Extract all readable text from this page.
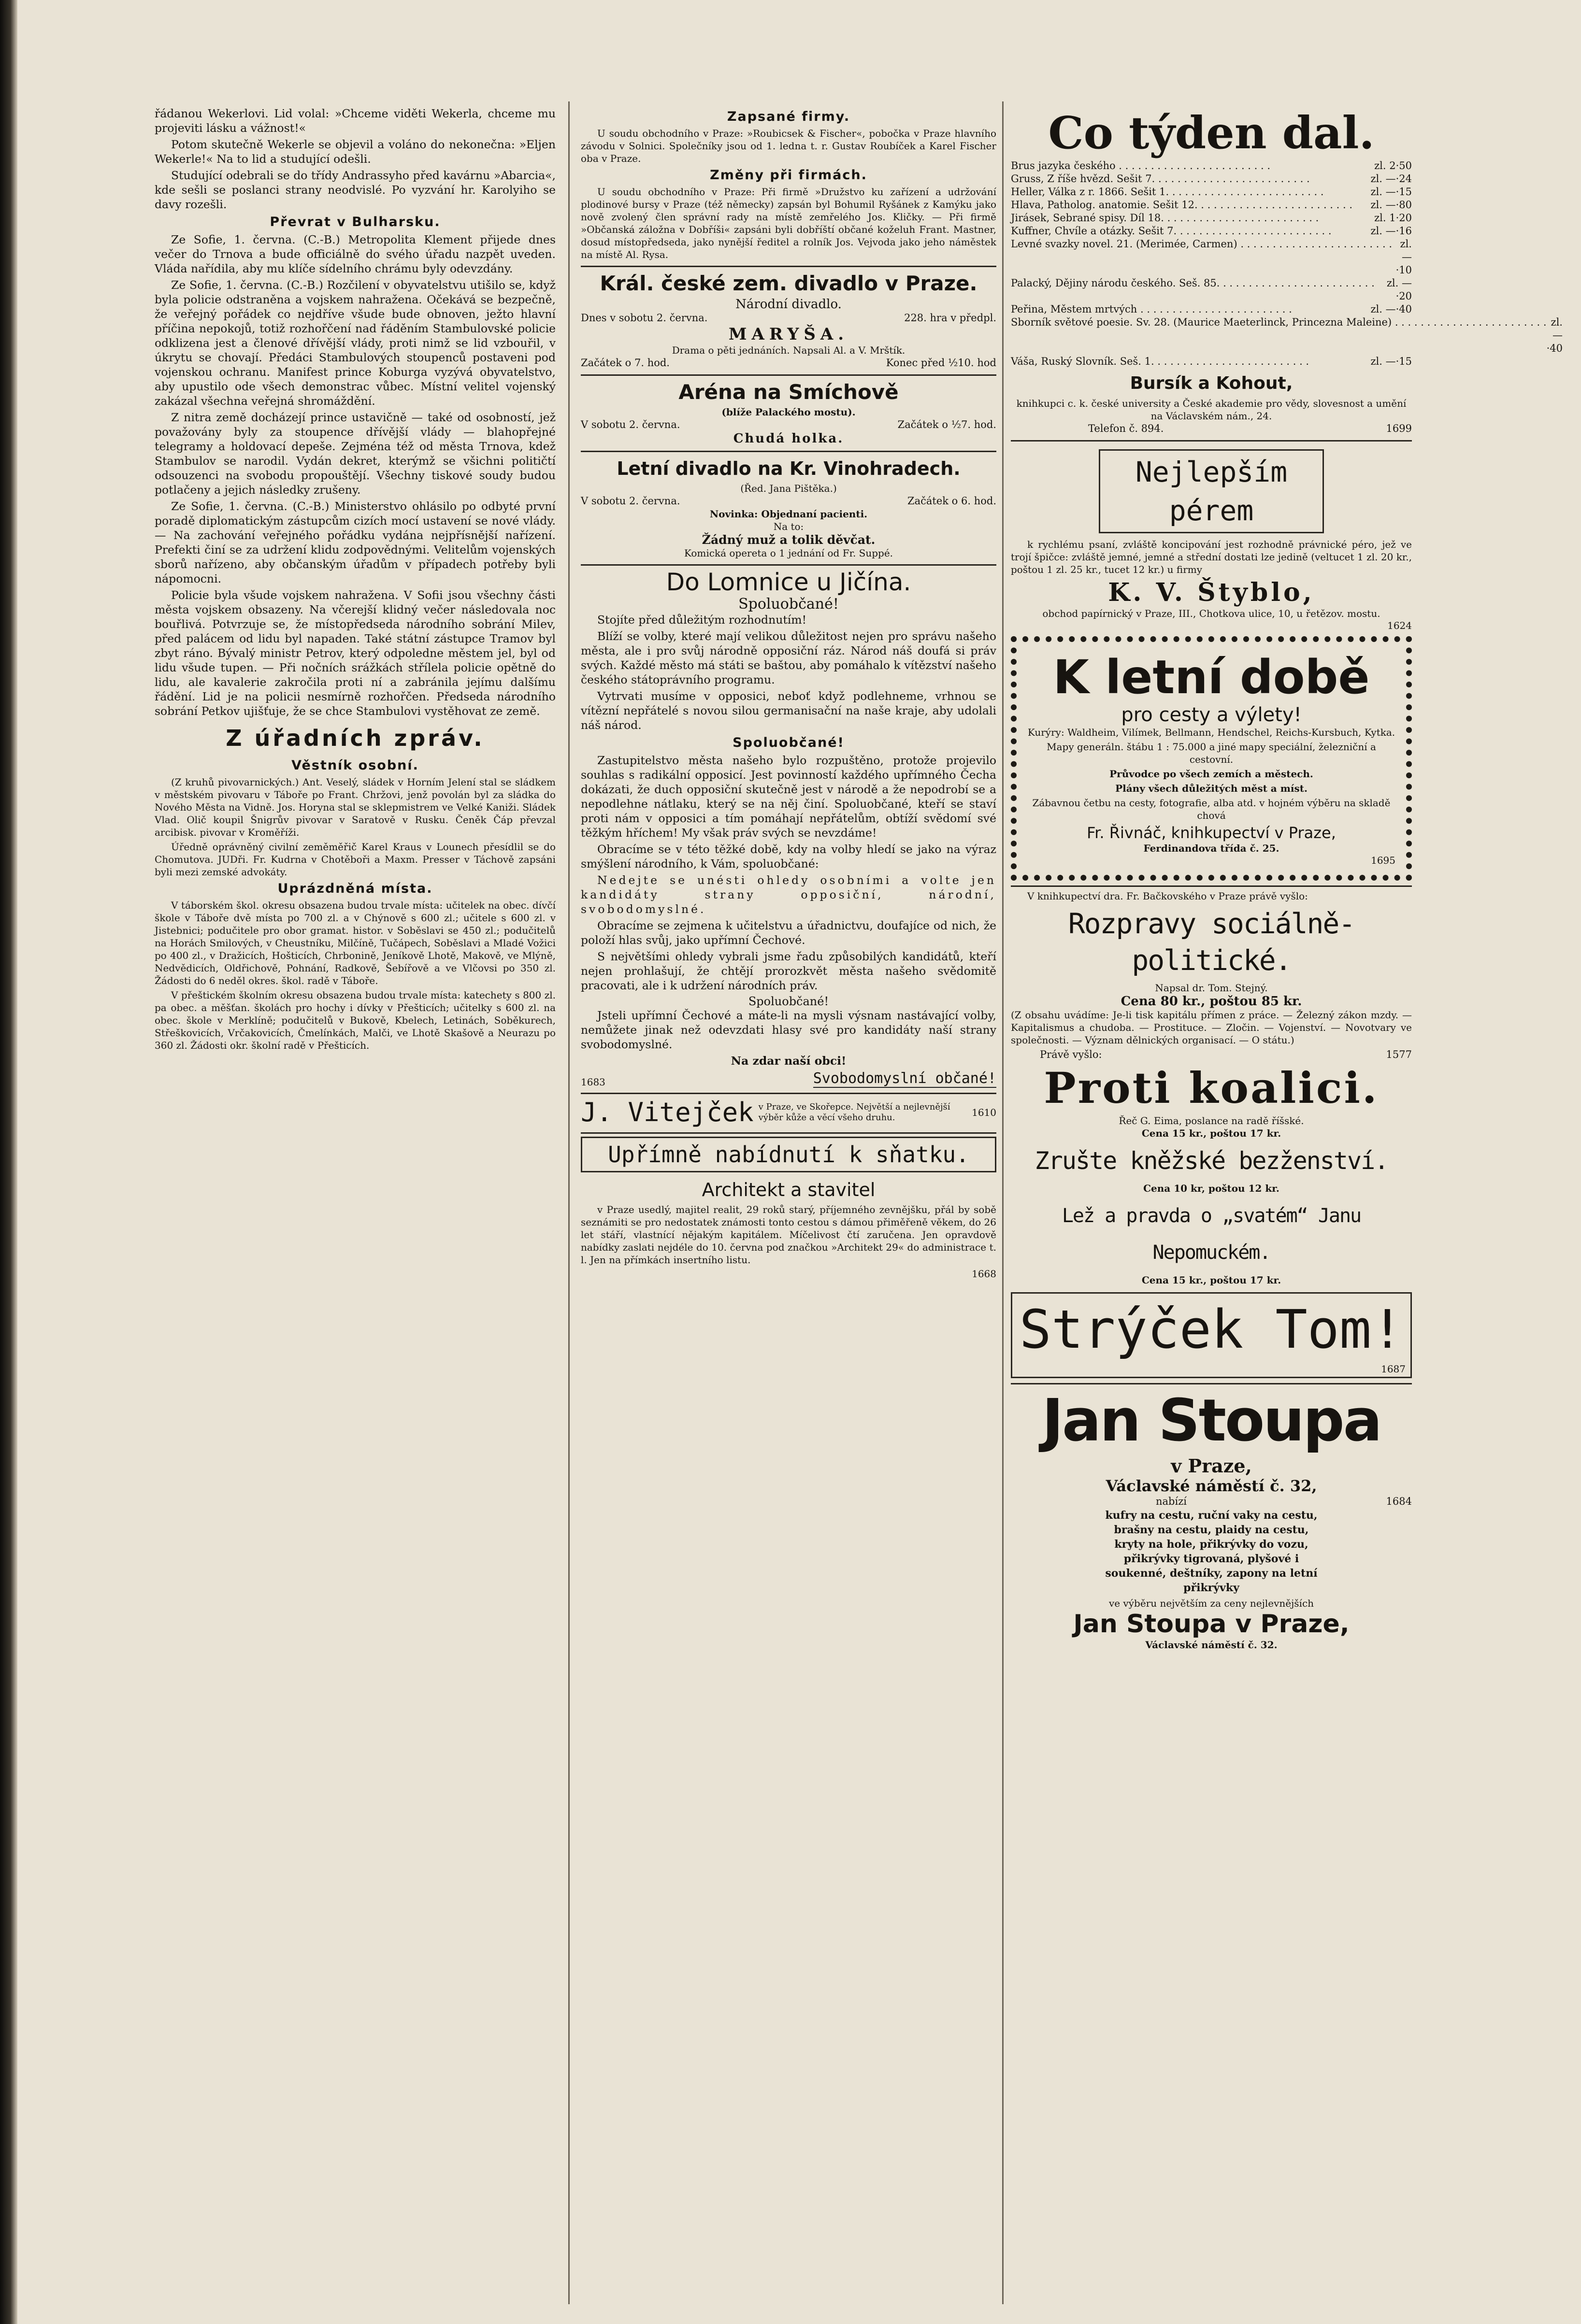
řádanou Wekerlovi. Lid volal: »Chceme viděti Wekerla, chceme mu projeviti lásku a vážnost!«

Potom skutečně Wekerle se objevil a voláno do nekonečna: »Eljen Wekerle!« Na to lid a studující odešli.

Studující odebrali se do třídy Andrassyho před kavárnu »Abarcia«, kde sešli se poslanci strany neodvislé. Po vyzvání hr. Karolyiho se davy rozešli.

Převrat v Bulharsku.

Ze Sofie, 1. června. (C.-B.) Metropolita Klement přijede dnes večer do Trnova a bude officiálně do svého úřadu nazpět uveden. Vláda nařídila, aby mu klíče sídelního chrámu byly odevzdány.

Ze Sofie, 1. června. (C.-B.) Rozčilení v obyvatelstvu utišilo se, když byla policie odstraněna a vojskem nahražena. Očekává se bezpečně, že veřejný pořádek co nejdříve všude bude obnoven, ježto hlavní příčina nepokojů, totiž rozhořčení nad řáděním Stambulovské policie odklizena jest a členové dřívější vlády, proti nimž se lid vzbouřil, v úkrytu se chovají. Předáci Stambulových stoupenců postaveni pod vojenskou ochranu. Manifest prince Koburga vyzývá obyvatelstvo, aby upustilo ode všech demonstrac vůbec. Místní velitel vojenský zakázal všechna veřejná shromáždění.

Z nitra země docházejí prince ustavičně — také od osobností, jež považovány byly za stoupence dřívější vlády — blahopřejné telegramy a holdovací depeše. Zejména též od města Trnova, kdež Stambulov se narodil. Vydán dekret, kterýmž se všichni političtí odsouzenci na svobodu propouštějí. Všechny tiskové soudy budou potlačeny a jejich následky zrušeny.

Ze Sofie, 1. června. (C.-B.) Ministerstvo ohlásilo po odbyté první poradě diplomatickým zástupcům cizích mocí ustavení se nové vlády. — Na zachování veřejného pořádku vydána nejpřísnější nařízení. Prefekti činí se za udržení klidu zodpovědnými. Velitelům vojenských sborů nařízeno, aby občanským úřadům v případech potřeby byli nápomocni.

Policie byla všude vojskem nahražena. V Sofii jsou všechny části města vojskem obsazeny. Na včerejší klidný večer následovala noc bouřlivá. Potvrzuje se, že místopředseda národního sobrání Milev, před palácem od lidu byl napaden. Také státní zástupce Tramov byl zbyt ráno. Bývalý ministr Petrov, který odpoledne městem jel, byl od lidu všude tupen. — Při nočních srážkách střílela policie opětně do lidu, ale kavalerie zakročila proti ní a zabránila jejímu dalšímu řádění. Lid je na policii nesmírně rozhořčen. Předseda národního sobrání Petkov ujišťuje, že se chce Stambulovi vystěhovat ze země.

Z úřadních zpráv.
Věstník osobní.

(Z kruhů pivovarnických.) Ant. Veselý, sládek v Horním Jelení stal se sládkem v městském pivovaru v Táboře po Frant. Chržovi, jenž povolán byl za sládka do Nového Města na Vidně. Jos. Horyna stal se sklepmistrem ve Velké Kaniži. Sládek Vlad. Olič koupil Šnigrův pivovar v Saratově v Rusku. Čeněk Čáp převzal arcibisk. pivovar v Kroměříži.

Úředně oprávněný civilní zeměměřič Karel Kraus v Lounech přesídlil se do Chomutova. JUDři. Fr. Kudrna v Chotěboři a Maxm. Presser v Táchově zapsáni byli mezi zemské advokáty.

Uprázdněná místa.

V táborském škol. okresu obsazena budou trvale místa: učitelek na obec. dívčí škole v Táboře dvě místa po 700 zl. a v Chýnově s 600 zl.; učitele s 600 zl. v Jistebnici; podučitele pro obor gramat. histor. v Soběslavi se 450 zl.; podučitelů na Horách Smilových, v Cheustníku, Milčíně, Tučápech, Soběslavi a Mladé Vožici po 400 zl., v Dražicích, Hošticích, Chrbonině, Jeníkově Lhotě, Makově, ve Mlýně, Nedvědicích, Oldřichově, Pohnání, Radkově, Šebířově a ve Vlčovsi po 350 zl. Žádosti do 6 neděl okres. škol. radě v Táboře.

V přeštickém školním okresu obsazena budou trvale místa: katechety s 800 zl. pa obec. a měšťan. školách pro hochy i dívky v Přešticích; učitelky s 600 zl. na obec. škole v Merklíně; podučitelů v Bukově, Kbelech, Letinách, Soběkurech, Střeškovicích, Vrčakovicích, Čmelínkách, Malči, ve Lhotě Skašově a Neurazu po 360 zl. Žádosti okr. školní radě v Přešticích.

Zapsané firmy.

U soudu obchodního v Praze: »Roubicsek & Fischer«, pobočka v Praze hlavního závodu v Solnici. Společníky jsou od 1. ledna t. r. Gustav Roubíček a Karel Fischer oba v Praze.

Změny při firmách.

U soudu obchodního v Praze: Při firmě »Družstvo ku zařízení a udržování plodinové bursy v Praze (též německy) zapsán byl Bohumil Ryšánek z Kamýku jako nově zvolený člen správní rady na místě zemřelého Jos. Kličky. — Při firmě »Občanská záložna v Dobříši« zapsáni byli dobříští občané koželuh Frant. Mastner, dosud místopředseda, jako nynější ředitel a rolník Jos. Vejvoda jako jeho náměstek na místě Al. Rysa.

Král. české zem. divadlo v Praze.
Národní divadlo.
Dnes v sobotu 2. června.	228. hra v předpl.
MARYŠA.
Drama o pěti jednáních. Napsali Al. a V. Mrštík.
Začátek o 7. hod.	Konec před ½10. hod
Aréna na Smíchově
(blíže Palackého mostu).
V sobotu 2. června.	Začátek o ½7. hod.
Chudá holka.
Letní divadlo na Kr. Vinohradech.
(Řed. Jana Pištěka.)
V sobotu 2. června.	Začátek o 6. hod.
Novinka: Objednaní pacienti.
Na to:
Žádný muž a tolik děvčat.
Komická opereta o 1 jednání od Fr. Suppé.
Do Lomnice u Jičína.
Spoluobčané!

Stojíte před důležitým rozhodnutím!

Blíží se volby, které mají velikou důležitost nejen pro správu našeho města, ale i pro svůj národně opposiční ráz. Národ náš doufá si práv svých. Každé město má státi se baštou, aby pomáhalo k vítězství našeho českého státoprávního programu.

Vytrvati musíme v opposici, neboť když podlehneme, vrhnou se vítězní nepřátelé s novou silou germanisační na naše kraje, aby udolali náš národ.

Spoluobčané!

Zastupitelstvo města našeho bylo rozpuštěno, protože projevilo souhlas s radikální opposicí. Jest povinností každého upřímného Čecha dokázati, že duch opposiční skutečně jest v národě a že nepodrobí se a nepodlehne nátlaku, který se na něj činí. Spoluobčané, kteří se staví proti nám v opposici a tím pomáhají nepřátelům, obtíží svědomí své těžkým hříchem! My však práv svých se nevzdáme!

Obracíme se v této těžké době, kdy na volby hledí se jako na výraz smýšlení národního, k Vám, spoluobčané:

Nedejte se unésti ohledy osobními a volte jen kandidáty strany opposiční, národní, svobodomyslné.

Obracíme se zejmena k učitelstvu a úřadnictvu, doufajíce od nich, že položí hlas svůj, jako upřímní Čechové.

S největšími ohledy vybrali jsme řadu způsobilých kandidátů, kteří nejen prohlašují, že chtějí prorozkvět města našeho svědomitě pracovati, ale i k udržení národních práv.

Spoluobčané!

Jsteli upřímní Čechové a máte-li na mysli výsnam nastávající volby, nemůžete jinak než odevzdati hlasy své pro kandidáty naší strany svobodomyslné.

Na zdar naší obci!

1683	Svobodomyslní občané!
J. Vitejček v Praze, ve Skořepce. Největší a nejlevnější výběr kůže a věcí všeho druhu.	1610
Upřímně nabídnutí k sňatku.
Architekt a stavitel

v Praze usedlý, majitel realit, 29 roků starý, příjemného zevnějšku, přál by sobě seznámiti se pro nedostatek známosti tonto cestou s dámou přiměřeně věkem, do 26 let stáří, vlastnící nějakým kapitálem. Míčelivost čtí zaručena. Jen opravdově nabídky zaslati nejdéle do 10. června pod značkou »Architekt 29« do administrace t. l. Jen na přímkách insertního listu.

1668
Co týden dal.
Brus jazyka českého . . .	zl. 2·50
Gruss, Z říše hvězd. Sešit 7. . . .	zl. —·24
Heller, Válka z r. 1866. Sešit 1. . . .	zl. —·15
Hlava, Patholog. anatomie. Sešit 12. . . .	zl. —·80
Jirásek, Sebrané spisy. Díl 18. . . .	zl. 1·20
Kuffner, Chvíle a otázky. Sešit 7. . . .	zl. —·16
Levné svazky novel. 21. (Merimée, Carmen) . . .	zl. —·10
Palacký, Dějiny národu českého. Seš. 85. . . .	zl. —·20
Peřina, Městem mrtvých . . .	zl. —·40
Sborník světové poesie. Sv. 28. (Maurice Maeterlinck, Princezna Maleine) . . .	zl. —·40
Váša, Ruský Slovník. Seš. 1. . . .	zl. —·15
Bursík a Kohout,
knihkupci c. k. české university a České akademie pro vědy, slovesnost a umění na Václavském nám., 24.
Telefon č. 894.	1699
Nejlepším pérem

k rychlému psaní, zvláště koncipování jest rozhodně právnické péro, jež ve trojí špičce: zvláště jemné, jemné a střední dostati lze jedině (veltucet 1 zl. 20 kr., poštou 1 zl. 25 kr., tucet 12 kr.) u firmy

K. V. Štyblo,
obchod papírnický v Praze, III., Chotkova ulice, 10, u řetězov. mostu.
1624
K letní době
pro cesty a výlety!

Kurýry: Waldheim, Vilímek, Bellmann, Hendschel, Reichs-Kursbuch, Kytka.

Mapy generáln. štábu 1 : 75.000 a jiné mapy speciální, železniční a cestovní.

Průvodce po všech zemích a městech.

Plány všech důležitých měst a míst.

Zábavnou četbu na cesty, fotografie, alba atd. v hojném výběru na skladě chová

Fr. Řivnáč, knihkupectví v Praze,
Ferdinandova třída č. 25.
1695

V knihkupectví dra. Fr. Bačkovského v Praze právě vyšlo:

Rozpravy sociálně-politické.
Napsal dr. Tom. Stejný.
Cena 80 kr., poštou 85 kr.

(Z obsahu uvádíme: Je-li tisk kapitálu přímen z práce. — Železný zákon mzdy. — Kapitalismus a chudoba. — Prostituce. — Zločin. — Vojenství. — Novotvary ve společnosti. — Význam dělnických organisací. — O státu.)

Právě vyšlo:	1577
Proti koalici.
Řeč G. Eima, poslance na radě říšské.
Cena 15 kr., poštou 17 kr.
Zrušte kněžské bezženství.
Cena 10 kr, poštou 12 kr.
Lež a pravda o „svatém“ Janu Nepomuckém.
Cena 15 kr., poštou 17 kr.
Strýček Tom!
1687
Jan Stoupa
v Praze,
Václavské náměstí č. 32,
nabízí	1684

kufry na cestu, ruční vaky na cestu, brašny na cestu, plaidy na cestu, kryty na hole, přikrývky do vozu, přikrývky tigrovaná, plyšové i soukenné, deštníky, zapony na letní přikrývky

ve výběru největším za ceny nejlevnějších
Jan Stoupa v Praze,
Václavské náměstí č. 32.
